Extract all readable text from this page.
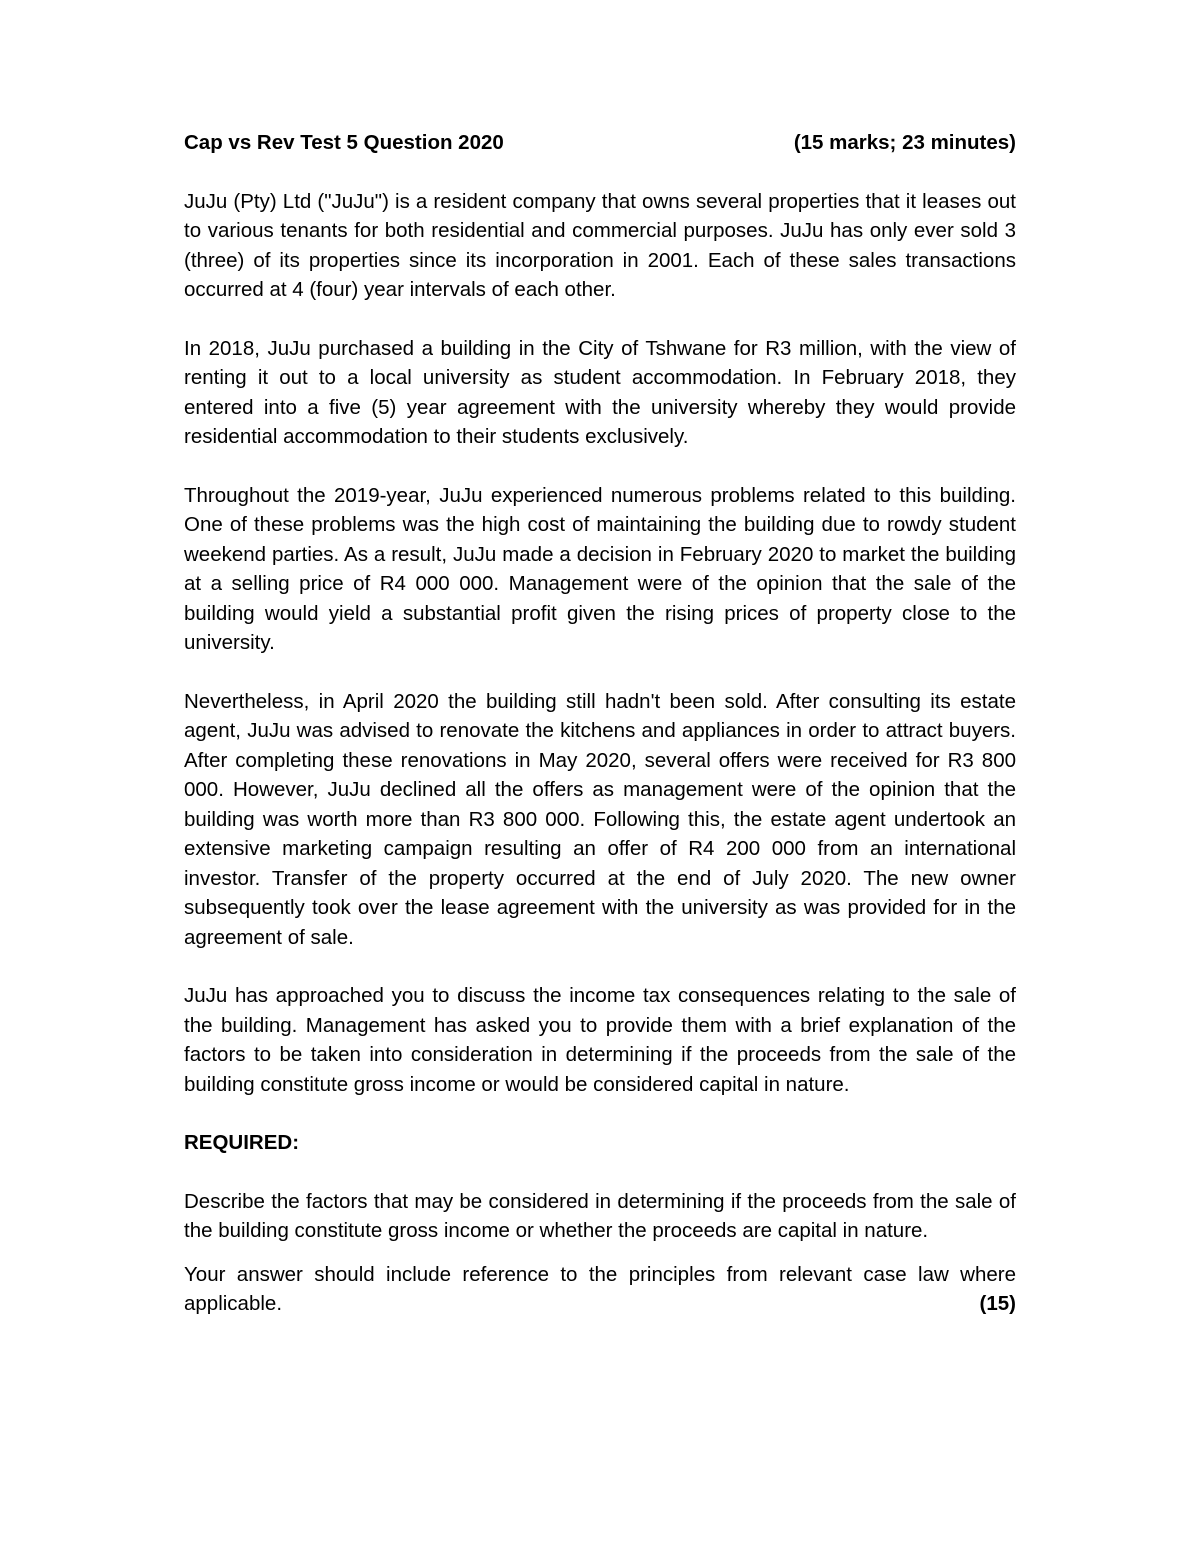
Cap vs Rev Test 5 Question 2020	(15 marks; 23 minutes)

JuJu (Pty) Ltd ("JuJu") is a resident company that owns several properties that it leases out to various tenants for both residential and commercial purposes. JuJu has only ever sold 3 (three) of its properties since its incorporation in 2001. Each of these sales transactions occurred at 4 (four) year intervals of each other.

In 2018, JuJu purchased a building in the City of Tshwane for R3 million, with the view of renting it out to a local university as student accommodation. In February 2018, they entered into a five (5) year agreement with the university whereby they would provide residential accommodation to their students exclusively.

Throughout the 2019-year, JuJu experienced numerous problems related to this building. One of these problems was the high cost of maintaining the building due to rowdy student weekend parties. As a result, JuJu made a decision in February 2020 to market the building at a selling price of R4 000 000. Management were of the opinion that the sale of the building would yield a substantial profit given the rising prices of property close to the university.

Nevertheless, in April 2020 the building still hadn't been sold. After consulting its estate agent, JuJu was advised to renovate the kitchens and appliances in order to attract buyers. After completing these renovations in May 2020, several offers were received for R3 800 000. However, JuJu declined all the offers as management were of the opinion that the building was worth more than R3 800 000. Following this, the estate agent undertook an extensive marketing campaign resulting an offer of R4 200 000 from an international investor. Transfer of the property occurred at the end of July 2020. The new owner subsequently took over the lease agreement with the university as was provided for in the agreement of sale.

JuJu has approached you to discuss the income tax consequences relating to the sale of the building. Management has asked you to provide them with a brief explanation of the factors to be taken into consideration in determining if the proceeds from the sale of the building constitute gross income or would be considered capital in nature.

REQUIRED:

Describe the factors that may be considered in determining if the proceeds from the sale of the building constitute gross income or whether the proceeds are capital in nature.

Your answer should include reference to the principles from relevant case law where applicable.	(15)
